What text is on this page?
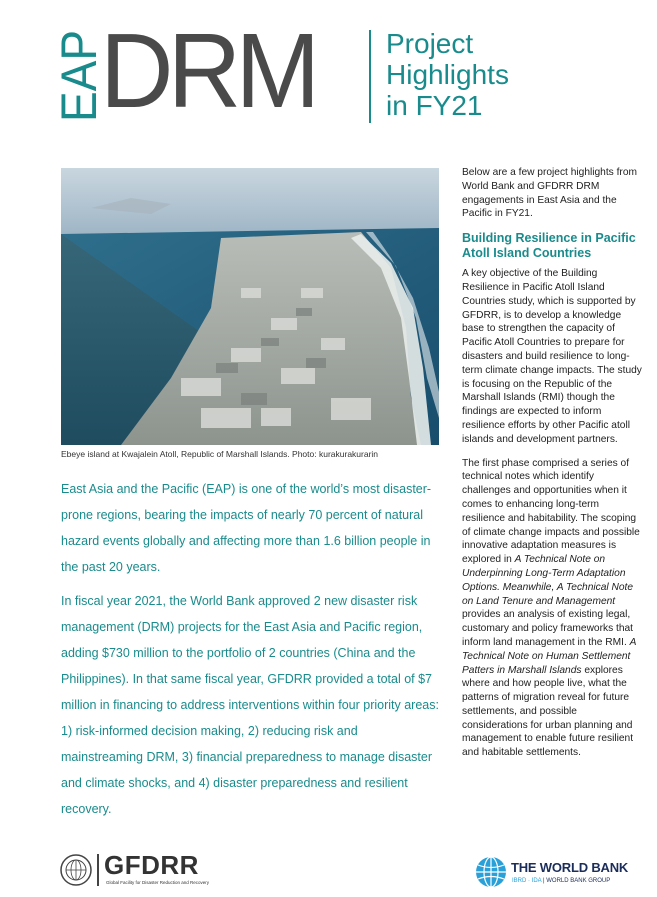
EAP
DRM	Project
Highlights
in FY21
Ebeye island at Kwajalein Atoll, Republic of Marshall Islands. Photo: kurakurakurarin

East Asia and the Pacific (EAP) is one of the world’s most disaster-prone regions, bearing the impacts of nearly 70 percent of natural hazard events globally and affecting more than 1.6 billion people in the past 20 years.

In fiscal year 2021, the World Bank approved 2 new disaster risk management (DRM) projects for the East Asia and Pacific region, adding $730 million to the portfolio of 2 countries (China and the Philippines). In that same fiscal year, GFDRR provided a total of $7 million in financing to address interventions within four priority areas: 1) risk-informed decision making, 2) reducing risk and mainstreaming DRM, 3) financial preparedness to manage disaster and climate shocks, and 4) disaster preparedness and resilient recovery.

Below are a few project highlights from World Bank and GFDRR DRM engagements in East Asia and the Pacific in FY21.

Building Resilience in Pacific Atoll Island Countries

A key objective of the Building Resilience in Pacific Atoll Island Countries study, which is supported by GFDRR, is to develop a knowledge base to strengthen the capacity of Pacific Atoll Countries to prepare for disasters and build resilience to long-term climate change impacts. The study is focusing on the Republic of the Marshall Islands (RMI) though the findings are expected to inform resilience efforts by other Pacific atoll islands and development partners.

The first phase comprised a series of technical notes which identify challenges and opportunities when it comes to enhancing long-term resilience and habitability. The scoping of climate change impacts and possible innovative adaptation measures is explored in A Technical Note on Underpinning Long-Term Adaptation Options. Meanwhile, A Technical Note on Land Tenure and Management provides an analysis of existing legal, customary and policy frameworks that inform land management in the RMI. A Technical Note on Human Settlement Patters in Marshall Islands explores where and how people live, what the patterns of migration reveal for future settlements, and possible considerations for urban planning and management to enable future resilient and habitable settlements.

GFDRR
Global Facility for Disaster Reduction and Recovery
THE WORLD BANK
IBRD · IDA | WORLD BANK GROUP
